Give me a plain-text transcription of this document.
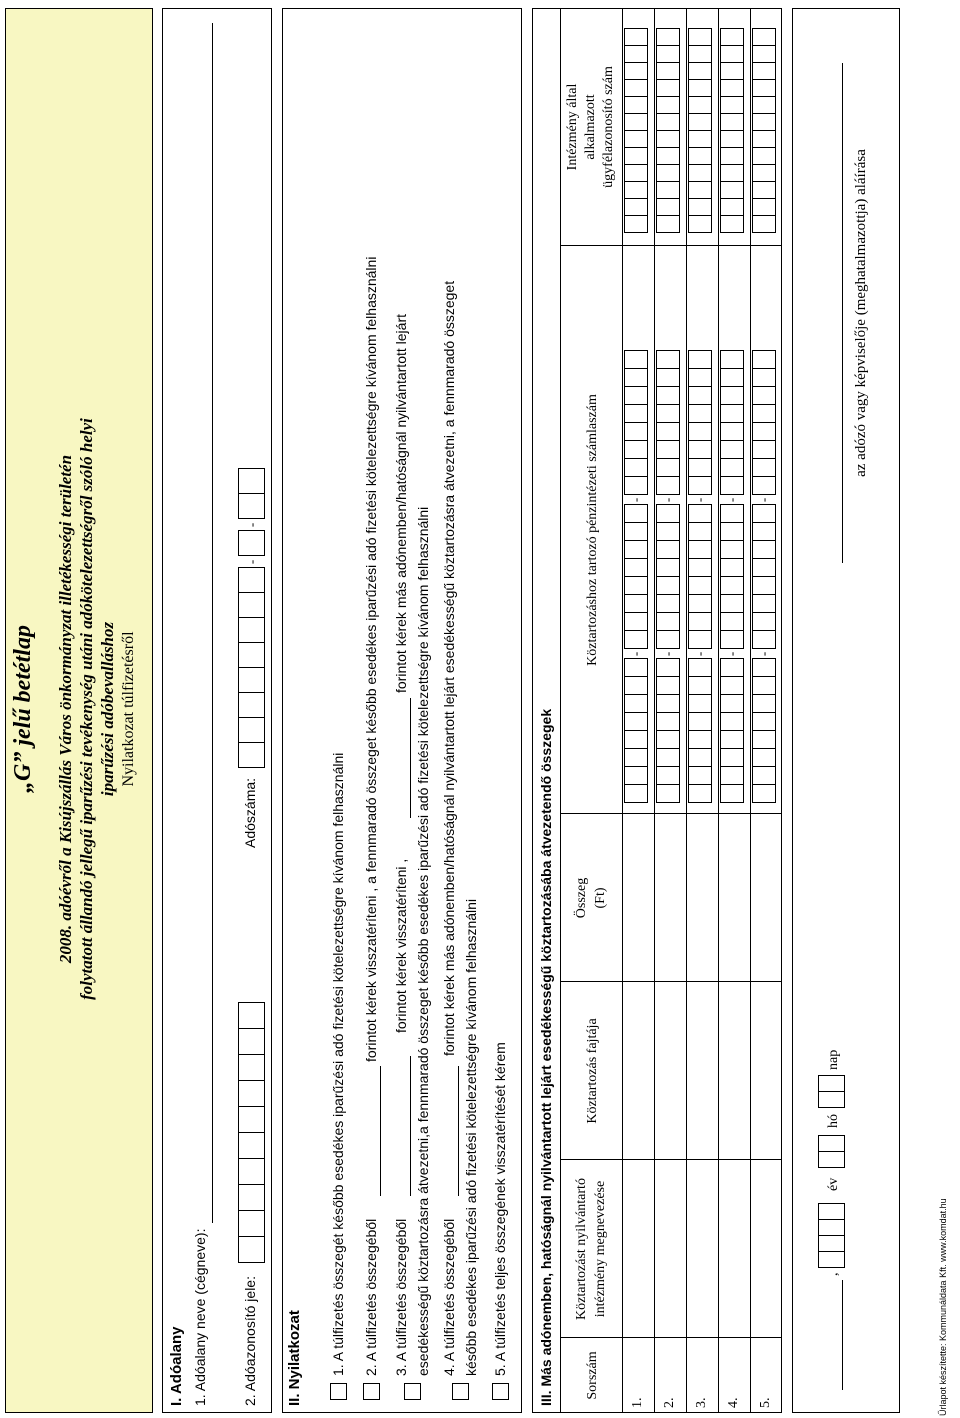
„G” jelű betétlap 2008. adóévről a Kisújszállás Város önkormányzat illetékességi területén folytatott állandó jellegű iparűzési tevékenység utáni adókötelezettségről szóló helyi iparűzési adóbevalláshoz Nyilatkozat túlfizetésről
I. Adóalany 1. Adóalany neve (cégneve): 2. Adóazonosító jele:
Adószáma:
--
II. Nyilatkozat 1. A túlfizetés összegét később esedékes iparűzési adó fizetési kötelezettségre kívánom felhasználni 2. A túlfizetés összegéből
forintot kérek visszatéríteni , a fennmaradó összeget később esedékes iparűzési adó fizetési kötelezettségre kívánom felhasználni
3. A túlfizetés összegéből
forintot kérek visszatéríteni ,
forintot kérek más adónemben/hatóságnál nyilvántartott lejárt
esedékességű köztartozásra átvezetni,a fennmaradó összeget később esedékes iparűzési adó fizetési kötelezettségre kívánom felhasználni 4. A túlfizetés összegéből
forintot kérek más adónemben/hatóságnál nyilvántartott lejárt esedékességű köztartozásra átvezetni, a fennmaradó összeget
később esedékes iparűzési adó fizetési kötelezettségre kívánom felhasználni 5. A túlfizetés teljes összegének visszatérítését kérem III. Más adónemben, hatóságnál nyilvántartott lejárt esedékességű köztartozásába átvezetendő összegek Sorszám
Köztartozást nyilvántartó intézmény megnevezése
Köztartozás fajtája
Összeg (Ft)
Köztartozáshoz tartozó pénzintézeti számlaszám
Intézmény által alkalmazott ügyfélazonosító szám
1. 2. 3. 4. 5.
--
--
--
--
--
,
év
hó
nap
az adózó vagy képviselője (meghatalmazottja) aláírása
Űrlapot készítette: Kommunáldata Kft. www.komdat.hu
